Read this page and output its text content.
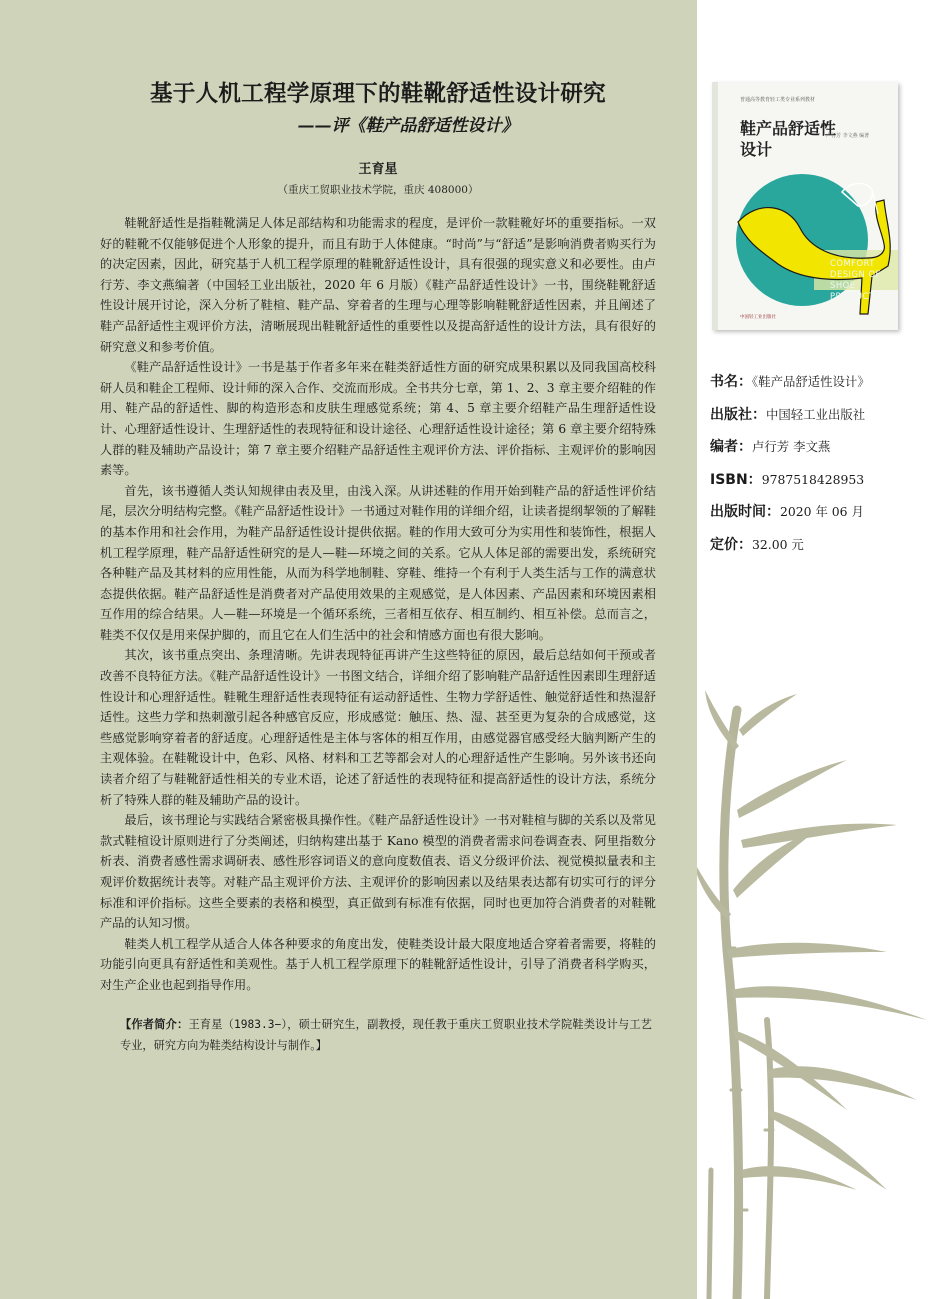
基于人机工程学原理下的鞋靴舒适性设计研究
——评《鞋产品舒适性设计》
王育星
（重庆工贸职业技术学院，重庆 408000）

鞋靴舒适性是指鞋靴满足人体足部结构和功能需求的程度，是评价一款鞋靴好坏的重要指标。一双好的鞋靴不仅能够促进个人形象的提升，而且有助于人体健康。“时尚”与“舒适”是影响消费者购买行为的决定因素，因此，研究基于人机工程学原理的鞋靴舒适性设计，具有很强的现实意义和必要性。由卢行芳、李文燕编著（中国轻工业出版社，2020 年 6 月版）《鞋产品舒适性设计》一书，围绕鞋靴舒适性设计展开讨论，深入分析了鞋楦、鞋产品、穿着者的生理与心理等影响鞋靴舒适性因素，并且阐述了鞋产品舒适性主观评价方法，清晰展现出鞋靴舒适性的重要性以及提高舒适性的设计方法，具有很好的研究意义和参考价值。

《鞋产品舒适性设计》一书是基于作者多年来在鞋类舒适性方面的研究成果积累以及同我国高校科研人员和鞋企工程师、设计师的深入合作、交流而形成。全书共分七章，第 1、2、3 章主要介绍鞋的作用、鞋产品的舒适性、脚的构造形态和皮肤生理感觉系统；第 4、5 章主要介绍鞋产品生理舒适性设计、心理舒适性设计、生理舒适性的表现特征和设计途径、心理舒适性设计途径；第 6 章主要介绍特殊人群的鞋及辅助产品设计；第 7 章主要介绍鞋产品舒适性主观评价方法、评价指标、主观评价的影响因素等。

首先，该书遵循人类认知规律由表及里，由浅入深。从讲述鞋的作用开始到鞋产品的舒适性评价结尾，层次分明结构完整。《鞋产品舒适性设计》一书通过对鞋作用的详细介绍，让读者提纲挈领的了解鞋的基本作用和社会作用，为鞋产品舒适性设计提供依据。鞋的作用大致可分为实用性和装饰性，根据人机工程学原理，鞋产品舒适性研究的是人—鞋—环境之间的关系。它从人体足部的需要出发，系统研究各种鞋产品及其材料的应用性能，从而为科学地制鞋、穿鞋、维持一个有利于人类生活与工作的满意状态提供依据。鞋产品舒适性是消费者对产品使用效果的主观感觉，是人体因素、产品因素和环境因素相互作用的综合结果。人—鞋—环境是一个循环系统，三者相互依存、相互制约、相互补偿。总而言之，鞋类不仅仅是用来保护脚的，而且它在人们生活中的社会和情感方面也有很大影响。

其次，该书重点突出、条理清晰。先讲表现特征再讲产生这些特征的原因，最后总结如何干预或者改善不良特征方法。《鞋产品舒适性设计》一书图文结合，详细介绍了影响鞋产品舒适性因素即生理舒适性设计和心理舒适性。鞋靴生理舒适性表现特征有运动舒适性、生物力学舒适性、触觉舒适性和热湿舒适性。这些力学和热刺激引起各种感官反应，形成感觉：触压、热、湿、甚至更为复杂的合成感觉，这些感觉影响穿着者的舒适度。心理舒适性是主体与客体的相互作用，由感觉器官感受经大脑判断产生的主观体验。在鞋靴设计中，色彩、风格、材料和工艺等都会对人的心理舒适性产生影响。另外该书还向读者介绍了与鞋靴舒适性相关的专业术语，论述了舒适性的表现特征和提高舒适性的设计方法，系统分析了特殊人群的鞋及辅助产品的设计。

最后，该书理论与实践结合紧密极具操作性。《鞋产品舒适性设计》一书对鞋楦与脚的关系以及常见款式鞋楦设计原则进行了分类阐述，归纳构建出基于 Kano 模型的消费者需求问卷调查表、阿里指数分析表、消费者感性需求调研表、感性形容词语义的意向度数值表、语义分级评价法、视觉模拟量表和主观评价数据统计表等。对鞋产品主观评价方法、主观评价的影响因素以及结果表达都有切实可行的评分标准和评价指标。这些全要素的表格和模型，真正做到有标准有依据，同时也更加符合消费者的对鞋靴产品的认知习惯。

鞋类人机工程学从适合人体各种要求的角度出发，使鞋类设计最大限度地适合穿着者需要，将鞋的功能引向更具有舒适性和美观性。基于人机工程学原理下的鞋靴舒适性设计，引导了消费者科学购买，对生产企业也起到指导作用。

【作者简介：王育星（1983.3−），硕士研究生，副教授，现任教于重庆工贸职业技术学院鞋类设计与工艺专业，研究方向为鞋类结构设计与制作。】
普通高等教育轻工类专业系列教材
鞋产品舒适性设计
卢行芳 李文燕 编著
COMFORT
DESIGN OF
SHOE
PRODUCTS
中国轻工业出版社
书名：《鞋产品舒适性设计》
出版社：中国轻工业出版社
编者：卢行芳 李文燕
ISBN：9787518428953
出版时间：2020 年 06 月
定价：32.00 元
